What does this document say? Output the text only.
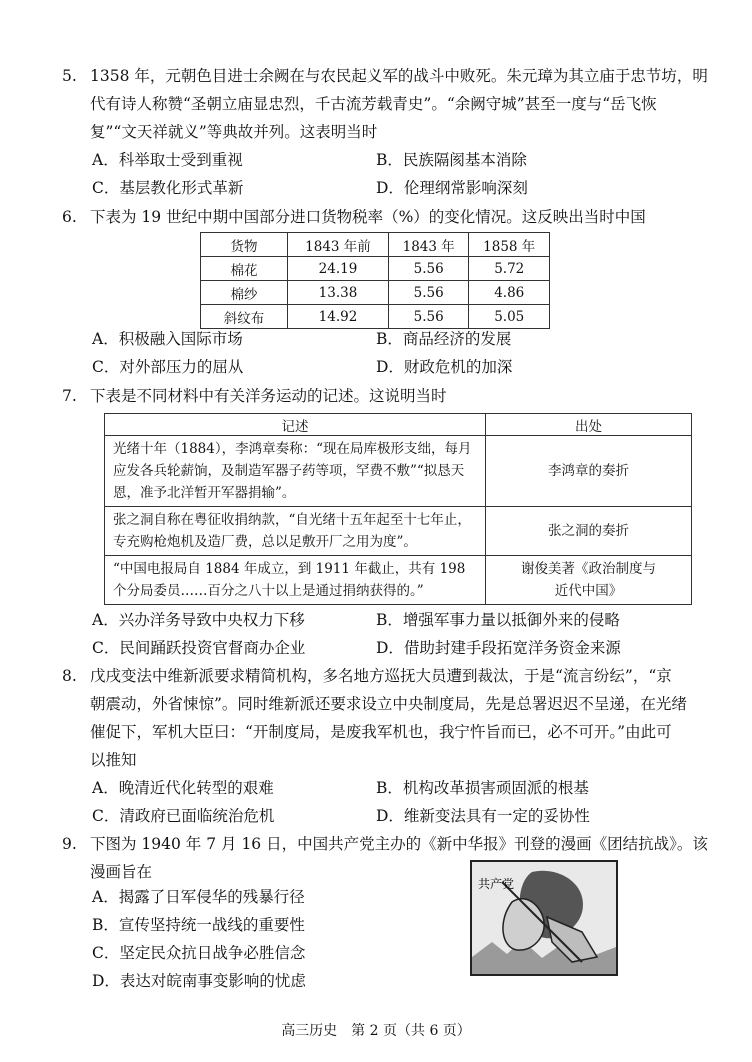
5. 1358 年，元朝色目进士余阙在与农民起义军的战斗中败死。朱元璋为其立庙于忠节坊，明
代有诗人称赞“圣朝立庙显忠烈，千古流芳载青史”。“余阙守城”甚至一度与“岳飞恢
复”“文天祥就义”等典故并列。这表明当时
A．科举取士受到重视	B．民族隔阂基本消除
C．基层教化形式革新	D．伦理纲常影响深刻
6. 下表为 19 世纪中期中国部分进口货物税率（%）的变化情况。这反映出当时中国
货物	1843 年前	1843 年	1858 年
棉花	24.19	5.56	5.72
棉纱	13.38	5.56	4.86
斜纹布	14.92	5.56	5.05
A．积极融入国际市场	B．商品经济的发展
C．对外部压力的屈从	D．财政危机的加深
7. 下表是不同材料中有关洋务运动的记述。这说明当时
记述	出处
光绪十年（1884），李鸿章奏称：“现在局库极形支绌，每月应发各兵轮薪饷，及制造军器子药等项，罕费不敷”“拟恳天恩，准予北洋暂开军器捐输”。	李鸿章的奏折
张之洞自称在粤征收捐纳款，“自光绪十五年起至十七年止，专充购枪炮机及造厂费，总以足敷开厂之用为度”。	张之洞的奏折
“中国电报局自 1884 年成立，到 1911 年截止，共有 198 个分局委员……百分之八十以上是通过捐纳获得的。”	谢俊美著《政治制度与近代中国》
A．兴办洋务导致中央权力下移	B．增强军事力量以抵御外来的侵略
C．民间踊跃投资官督商办企业	D．借助封建手段拓宽洋务资金来源
8. 戊戌变法中维新派要求精简机构，多名地方巡抚大员遭到裁汰，于是“流言纷纭”，“京
朝震动，外省悚惊”。同时维新派还要求设立中央制度局，先是总署迟迟不呈递，在光绪
催促下，军机大臣曰：“开制度局，是废我军机也，我宁忤旨而已，必不可开。”由此可
以推知
A．晚清近代化转型的艰难	B．机构改革损害顽固派的根基
C．清政府已面临统治危机	D．维新变法具有一定的妥协性
9. 下图为 1940 年 7 月 16 日，中国共产党主办的《新中华报》刊登的漫画《团结抗战》。该
漫画旨在
A．揭露了日军侵华的残暴行径
B．宣传坚持统一战线的重要性
C．坚定民众抗日战争必胜信念
D．表达对皖南事变影响的忧虑
共产党
高三历史　第 2 页（共 6 页）
